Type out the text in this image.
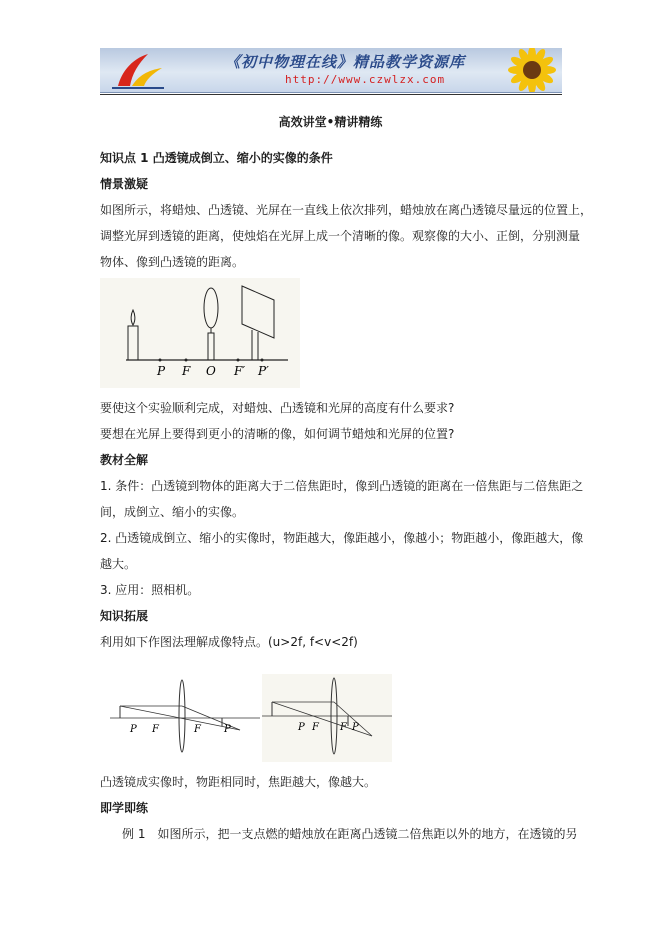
《初中物理在线》精品教学资源库
http://www.czwlzx.com
高效讲堂•精讲精练
知识点 1 凸透镜成倒立、缩小的实像的条件
情景激疑
如图所示，将蜡烛、凸透镜、光屏在一直线上依次排列，蜡烛放在离凸透镜尽量远的位置上，
调整光屏到透镜的距离，使烛焰在光屏上成一个清晰的像。观察像的大小、正倒，分别测量
物体、像到凸透镜的距离。
P F O F′ P′
要使这个实验顺利完成，对蜡烛、凸透镜和光屏的高度有什么要求?
要想在光屏上要得到更小的清晰的像，如何调节蜡烛和光屏的位置?
教材全解
1. 条件：凸透镜到物体的距离大于二倍焦距时，像到凸透镜的距离在一倍焦距与二倍焦距之
间，成倒立、缩小的实像。
2. 凸透镜成倒立、缩小的实像时，物距越大，像距越小，像越小；物距越小，像距越大，像
越大。
3. 应用：照相机。
知识拓展
利用如下作图法理解成像特点。(u>2f, f<v<2f)
P F	F P	P F F P
凸透镜成实像时，物距相同时，焦距越大，像越大。
即学即练
例 1　如图所示，把一支点燃的蜡烛放在距离凸透镜二倍焦距以外的地方，在透镜的另
